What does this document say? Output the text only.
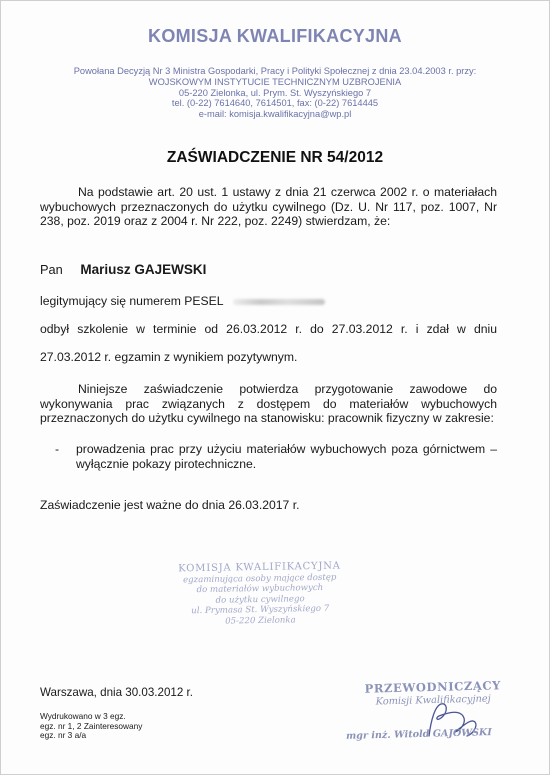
KOMISJA KWALIFIKACYJNA
Powołana Decyzją Nr 3 Ministra Gospodarki, Pracy i Polityki Społecznej z dnia 23.04.2003 r. przy:
WOJSKOWYM INSTYTUCIE TECHNICZNYM UZBROJENIA
05-220 Zielonka, ul. Prym. St. Wyszyńskiego 7
tel. (0-22) 7614640, 7614501, fax: (0-22) 7614445
e-mail: komisja.kwalifikacyjna@wp.pl
ZAŚWIADCZENIE NR 54/2012
Na podstawie art. 20 ust. 1 ustawy z dnia 21 czerwca 2002 r. o materiałach wybuchowych przeznaczonych do użytku cywilnego (Dz. U. Nr 117, poz. 1007, Nr 238, poz. 2019 oraz z 2004 r. Nr 222, poz. 2249) stwierdzam, że:
Pan Mariusz GAJEWSKI
legitymujący się numerem PESEL
odbył szkolenie w terminie od 26.03.2012 r. do 27.03.2012 r. i zdał w dniu
27.03.2012 r. egzamin z wynikiem pozytywnym.
Niniejsze zaświadczenie potwierdza przygotowanie zawodowe do wykonywania prac związanych z dostępem do materiałów wybuchowych przeznaczonych do użytku cywilnego na stanowisku: pracownik fizyczny w zakresie:
- prowadzenia prac przy użyciu materiałów wybuchowych poza górnictwem – wyłącznie pokazy pirotechniczne.
Zaświadczenie jest ważne do dnia 26.03.2017 r.
KOMISJA KWALIFIKACYJNA
egzaminująca osoby mające dostęp
do materiałów wybuchowych
do użytku cywilnego
ul. Prymasa St. Wyszyńskiego 7
05-220 Zielonka
Warszawa, dnia 30.03.2012 r.
Wydrukowano w 3 egz.
egz. nr 1, 2 Zainteresowany
egz. nr 3 a/a
PRZEWODNICZĄCY
Komisji Kwalifikacyjnej
mgr inż. Witold GAJOWSKI
